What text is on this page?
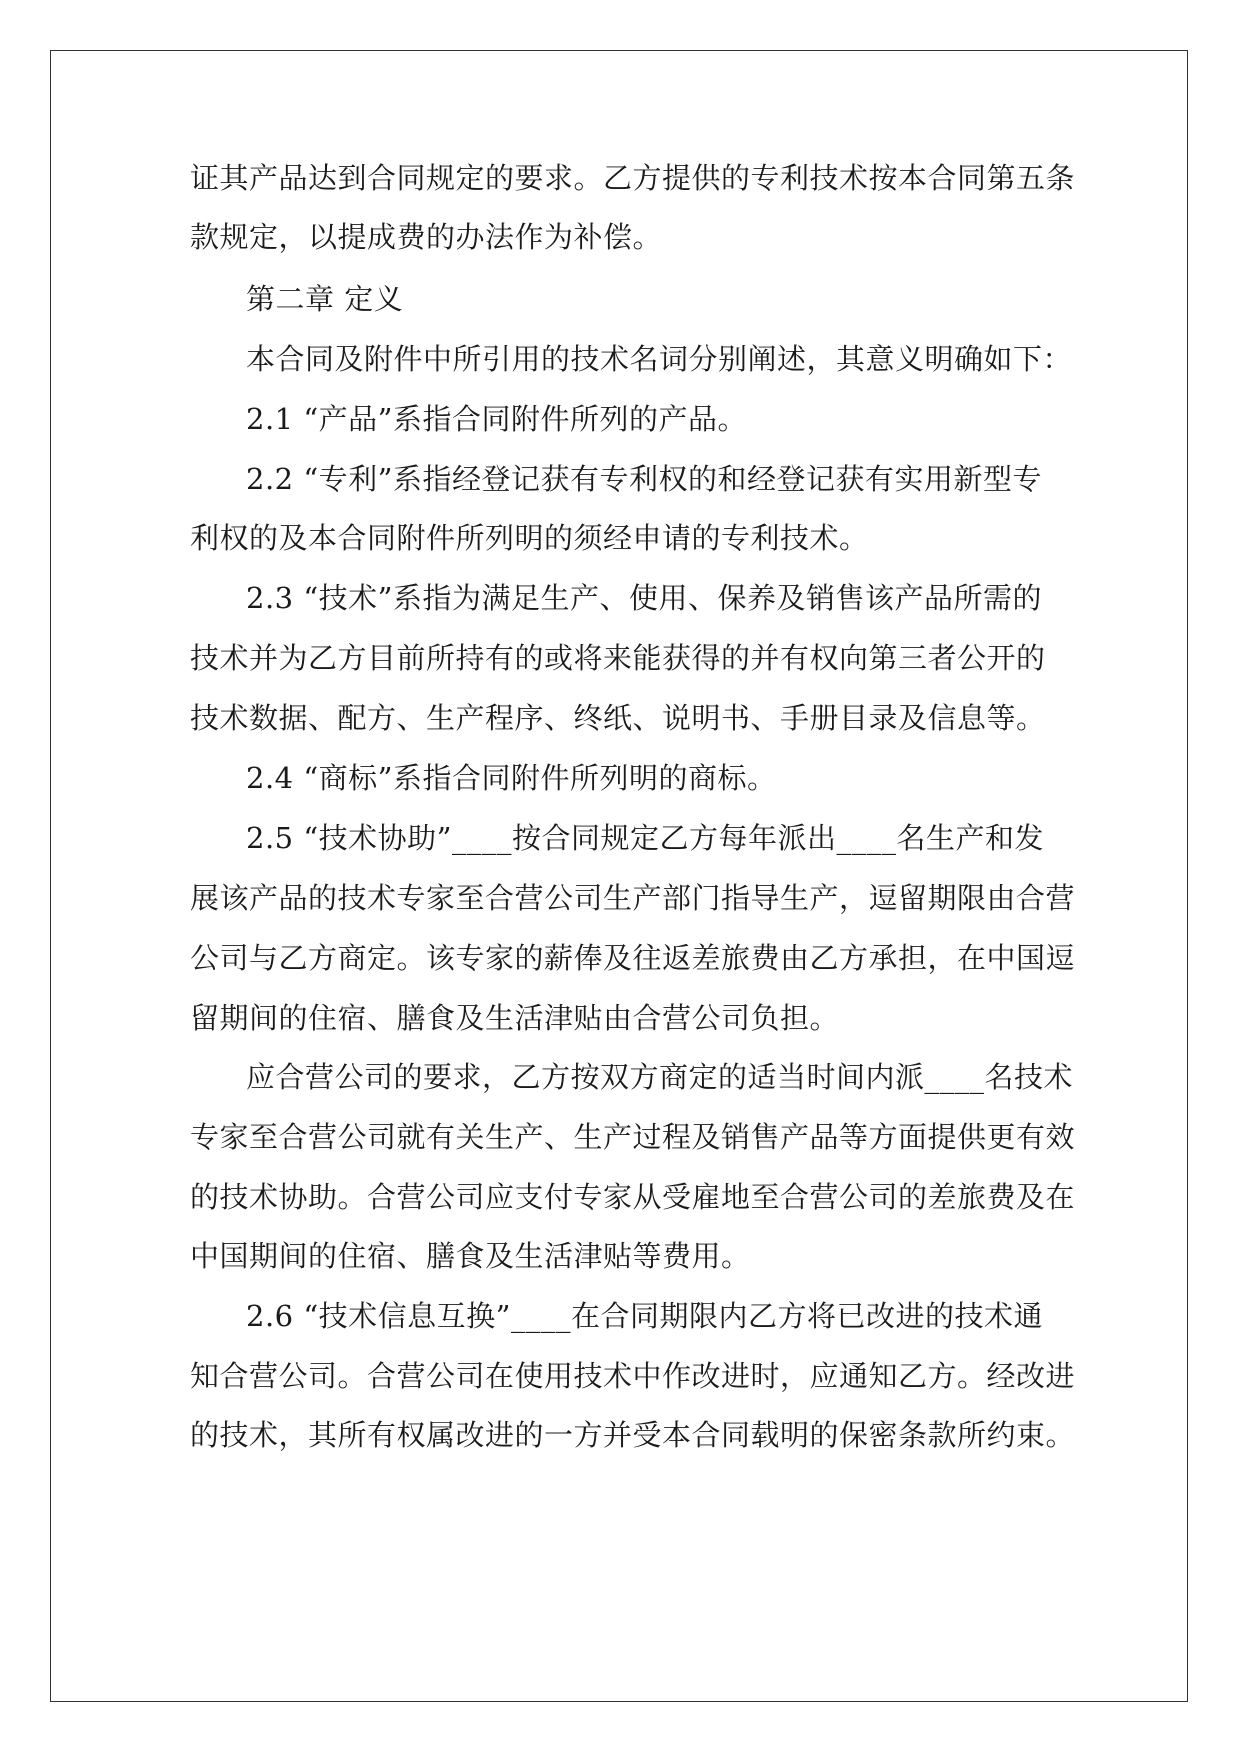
证其产品达到合同规定的要求。乙方提供的专利技术按本合同第五条
款规定，以提成费的办法作为补偿。
第二章 定义
本合同及附件中所引用的技术名词分别阐述，其意义明确如下：
2.1 “产品”系指合同附件所列的产品。
2.2 “专利”系指经登记获有专利权的和经登记获有实用新型专
利权的及本合同附件所列明的须经申请的专利技术。
2.3 “技术”系指为满足生产、使用、保养及销售该产品所需的
技术并为乙方目前所持有的或将来能获得的并有权向第三者公开的
技术数据、配方、生产程序、终纸、说明书、手册目录及信息等。
2.4 “商标”系指合同附件所列明的商标。
2.5 “技术协助”____按合同规定乙方每年派出____名生产和发
展该产品的技术专家至合营公司生产部门指导生产，逗留期限由合营
公司与乙方商定。该专家的薪俸及往返差旅费由乙方承担，在中国逗
留期间的住宿、膳食及生活津贴由合营公司负担。
应合营公司的要求，乙方按双方商定的适当时间内派____名技术
专家至合营公司就有关生产、生产过程及销售产品等方面提供更有效
的技术协助。合营公司应支付专家从受雇地至合营公司的差旅费及在
中国期间的住宿、膳食及生活津贴等费用。
2.6 “技术信息互换”____在合同期限内乙方将已改进的技术通
知合营公司。合营公司在使用技术中作改进时，应通知乙方。经改进
的技术，其所有权属改进的一方并受本合同载明的保密条款所约束。
